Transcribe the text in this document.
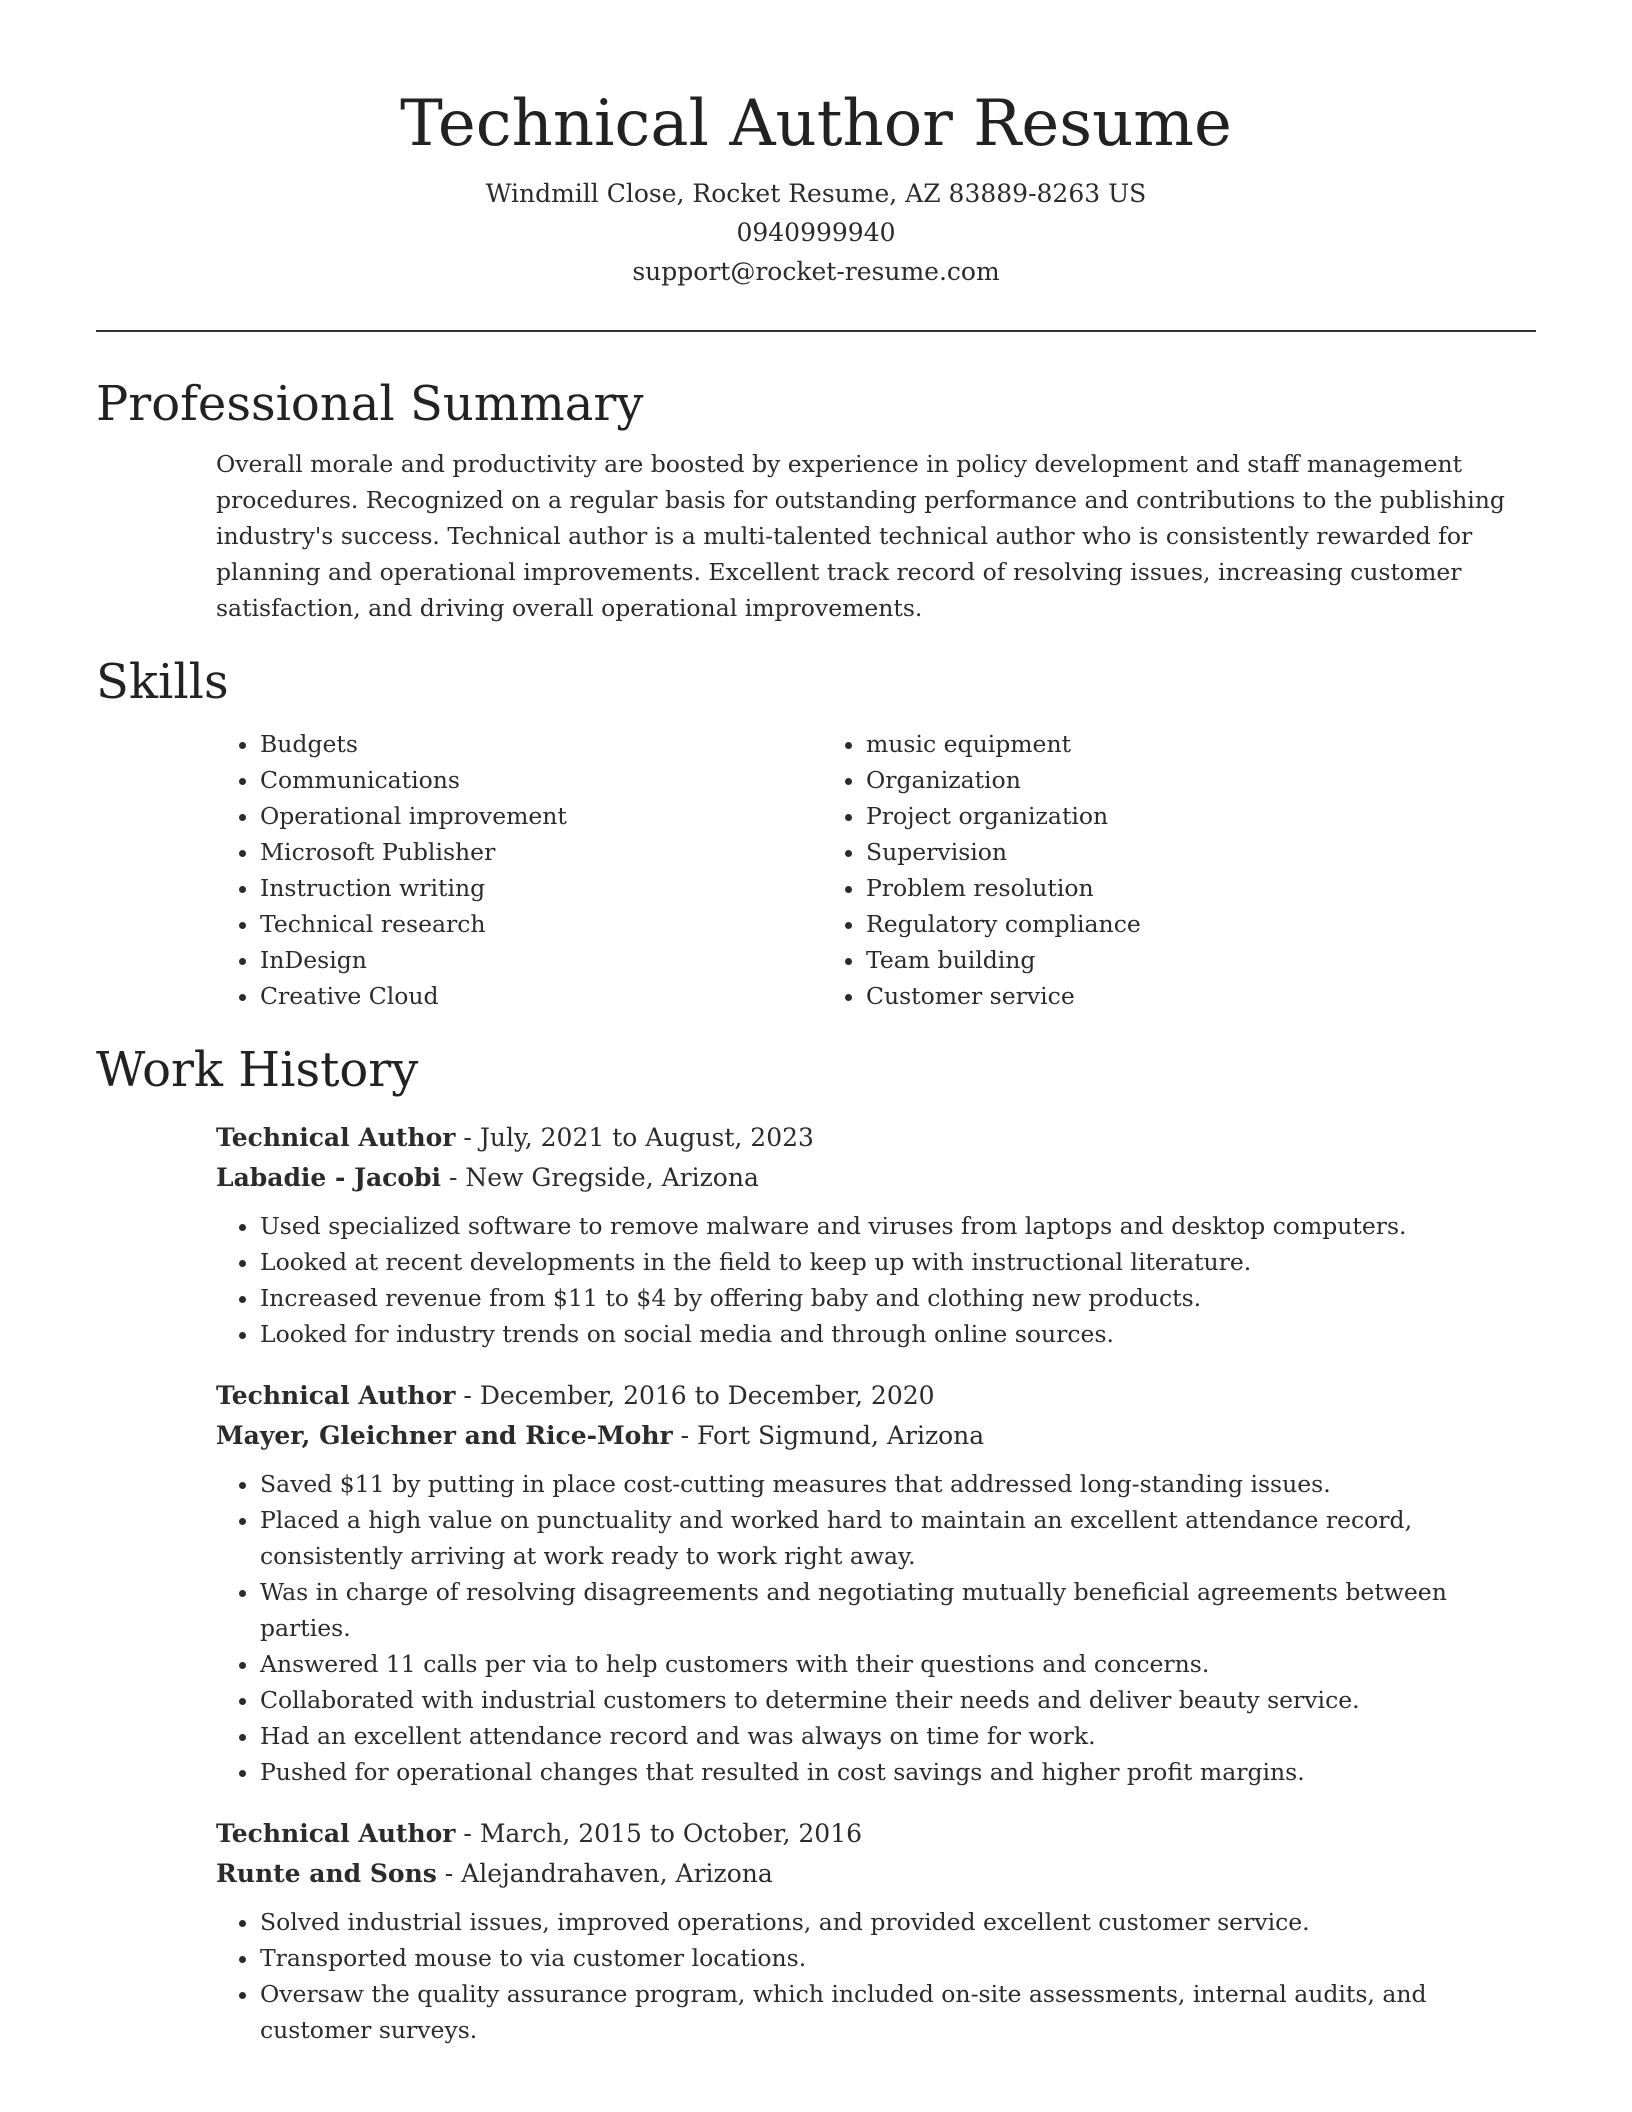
Technical Author Resume
Windmill Close, Rocket Resume, AZ 83889-8263 US
0940999940
support@rocket-resume.com
Professional Summary

Overall morale and productivity are boosted by experience in policy development and staff management procedures. Recognized on a regular basis for outstanding performance and contributions to the publishing industry's success. Technical author is a multi-talented technical author who is consistently rewarded for planning and operational improvements. Excellent track record of resolving issues, increasing customer satisfaction, and driving overall operational improvements.

Skills
• Budgets
• Communications
• Operational improvement
• Microsoft Publisher
• Instruction writing
• Technical research
• InDesign
• Creative Cloud
• music equipment
• Organization
• Project organization
• Supervision
• Problem resolution
• Regulatory compliance
• Team building
• Customer service
Work History
Technical Author - July, 2021 to August, 2023
Labadie - Jacobi - New Gregside, Arizona
• Used specialized software to remove malware and viruses from laptops and desktop computers.
• Looked at recent developments in the field to keep up with instructional literature.
• Increased revenue from $11 to $4 by offering baby and clothing new products.
• Looked for industry trends on social media and through online sources.
Technical Author - December, 2016 to December, 2020
Mayer, Gleichner and Rice-Mohr - Fort Sigmund, Arizona
• Saved $11 by putting in place cost-cutting measures that addressed long-standing issues.
• Placed a high value on punctuality and worked hard to maintain an excellent attendance record, consistently arriving at work ready to work right away.
• Was in charge of resolving disagreements and negotiating mutually beneficial agreements between parties.
• Answered 11 calls per via to help customers with their questions and concerns.
• Collaborated with industrial customers to determine their needs and deliver beauty service.
• Had an excellent attendance record and was always on time for work.
• Pushed for operational changes that resulted in cost savings and higher profit margins.
Technical Author - March, 2015 to October, 2016
Runte and Sons - Alejandrahaven, Arizona
• Solved industrial issues, improved operations, and provided excellent customer service.
• Transported mouse to via customer locations.
• Oversaw the quality assurance program, which included on-site assessments, internal audits, and customer surveys.
